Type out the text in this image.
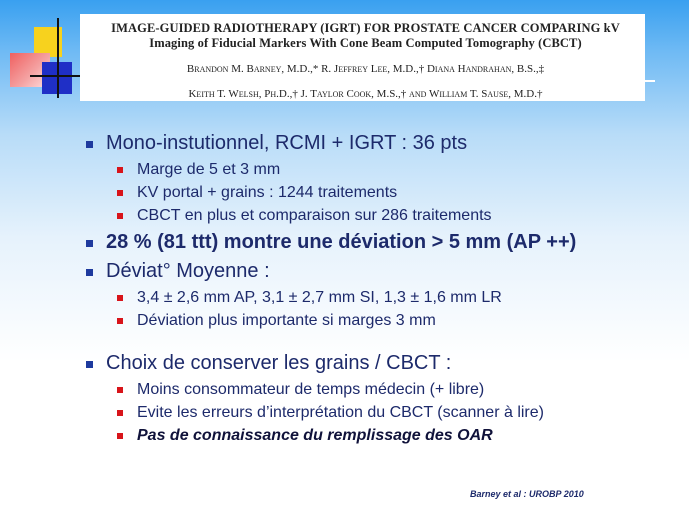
IMAGE-GUIDED RADIOTHERAPY (IGRT) FOR PROSTATE CANCER COMPARING kV
Imaging of Fiducial Markers With Cone Beam Computed Tomography (CBCT)
Brandon M. Barney, M.D.,* R. Jeffrey Lee, M.D.,† Diana Handrahan, B.S.,‡
Keith T. Welsh, Ph.D.,† J. Taylor Cook, M.S.,† and William T. Sause, M.D.†
Mono-instutionnel, RCMI + IGRT : 36 pts
Marge de 5 et 3 mm
KV portal + grains : 1244 traitements
CBCT en plus et comparaison sur 286 traitements
28 % (81 ttt) montre une déviation > 5 mm (AP ++)
Déviat° Moyenne :
3,4 ± 2,6 mm AP, 3,1 ± 2,7 mm SI, 1,3 ± 1,6 mm LR
Déviation plus importante si marges 3 mm
Choix de conserver les grains / CBCT :
Moins consommateur de temps médecin (+ libre)
Evite les erreurs d’interprétation du CBCT (scanner à lire)
Pas de connaissance du remplissage des OAR
Barney et al : UROBP 2010
